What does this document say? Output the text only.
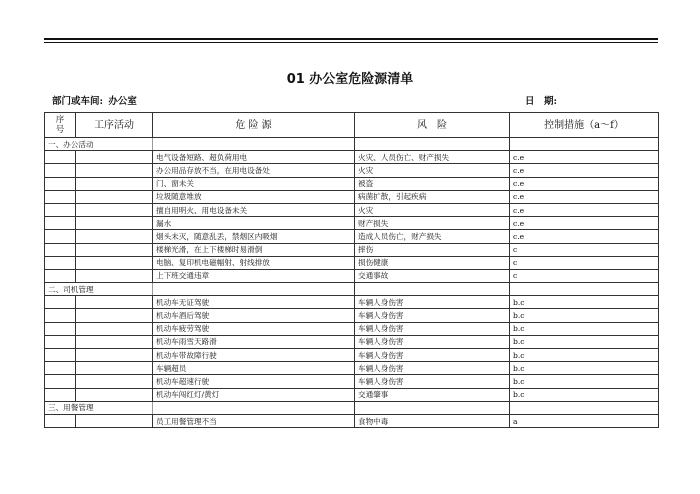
01 办公室危险源清单
部门或车间: 办公室	日　期:
序
号	工序活动	危 险 源	风　险	控制措施（a～f）
一、办公活动				
		电气设备短路、超负荷用电	火灾、人员伤亡、财产损失	c.e
		办公用品存放不当，在用电设备处	火灾	c.e
		门、窗未关	被盗	c.e
		垃圾随意堆放	病菌扩散，引起疾病	c.e
		擅自用明火、用电设备未关	火灾	c.e
		漏水	财产损失	c.e
		烟头未灭，随意乱丢，禁烟区内吸烟	造成人员伤亡，财产损失	c.e
		楼梯光滑，在上下楼梯时易滑倒	摔伤	c
		电脑、复印机电磁幅射、射线排放	损伤健康	c
		上下班交通违章	交通事故	c
二、司机管理				
		机动车无证驾驶	车辆人身伤害	b.c
		机动车酒后驾驶	车辆人身伤害	b.c
		机动车疲劳驾驶	车辆人身伤害	b.c
		机动车雨雪天路滑	车辆人身伤害	b.c
		机动车带故障行驶	车辆人身伤害	b.c
		车辆超员	车辆人身伤害	b.c
		机动车超速行驶	车辆人身伤害	b.c
		机动车闯红灯/黄灯	交通肇事	b.c
三、用餐管理				
		员工用餐管理不当	食物中毒	a
